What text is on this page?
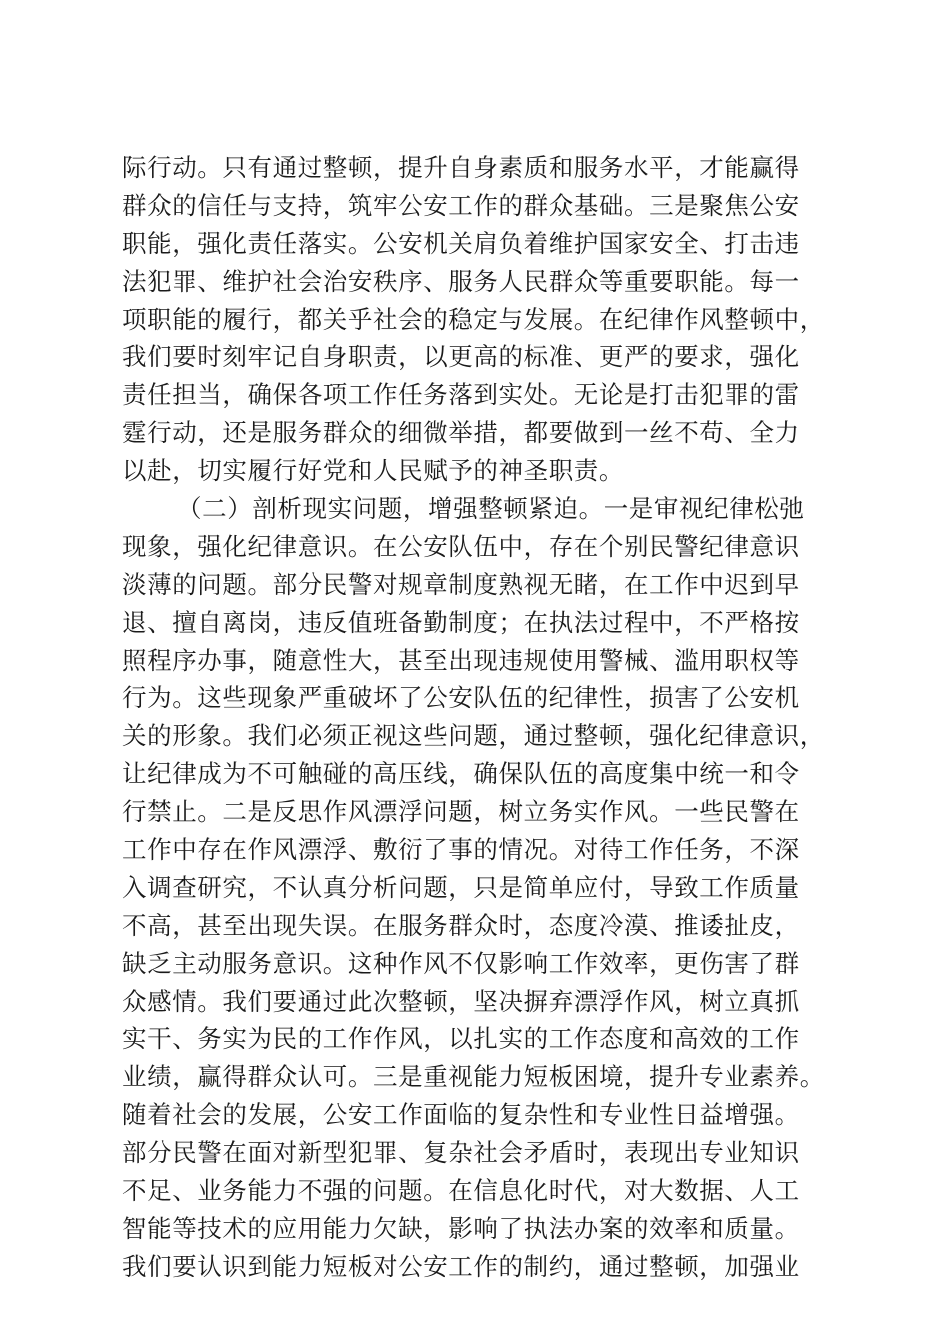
际行动。只有通过整顿，提升自身素质和服务水平，才能赢得
群众的信任与支持，筑牢公安工作的群众基础。三是聚焦公安
职能，强化责任落实。公安机关肩负着维护国家安全、打击违
法犯罪、维护社会治安秩序、服务人民群众等重要职能。每一
项职能的履行，都关乎社会的稳定与发展。在纪律作风整顿中，
我们要时刻牢记自身职责，以更高的标准、更严的要求，强化
责任担当，确保各项工作任务落到实处。无论是打击犯罪的雷
霆行动，还是服务群众的细微举措，都要做到一丝不苟、全力
以赴，切实履行好党和人民赋予的神圣职责。
（二）剖析现实问题，增强整顿紧迫。一是审视纪律松弛
现象，强化纪律意识。在公安队伍中，存在个别民警纪律意识
淡薄的问题。部分民警对规章制度熟视无睹，在工作中迟到早
退、擅自离岗，违反值班备勤制度；在执法过程中，不严格按
照程序办事，随意性大，甚至出现违规使用警械、滥用职权等
行为。这些现象严重破坏了公安队伍的纪律性，损害了公安机
关的形象。我们必须正视这些问题，通过整顿，强化纪律意识，
让纪律成为不可触碰的高压线，确保队伍的高度集中统一和令
行禁止。二是反思作风漂浮问题，树立务实作风。一些民警在
工作中存在作风漂浮、敷衍了事的情况。对待工作任务，不深
入调查研究，不认真分析问题，只是简单应付，导致工作质量
不高，甚至出现失误。在服务群众时，态度冷漠、推诿扯皮，
缺乏主动服务意识。这种作风不仅影响工作效率，更伤害了群
众感情。我们要通过此次整顿，坚决摒弃漂浮作风，树立真抓
实干、务实为民的工作作风，以扎实的工作态度和高效的工作
业绩，赢得群众认可。三是重视能力短板困境，提升专业素养。
随着社会的发展，公安工作面临的复杂性和专业性日益增强。
部分民警在面对新型犯罪、复杂社会矛盾时，表现出专业知识
不足、业务能力不强的问题。在信息化时代，对大数据、人工
智能等技术的应用能力欠缺，影响了执法办案的效率和质量。
我们要认识到能力短板对公安工作的制约，通过整顿，加强业
